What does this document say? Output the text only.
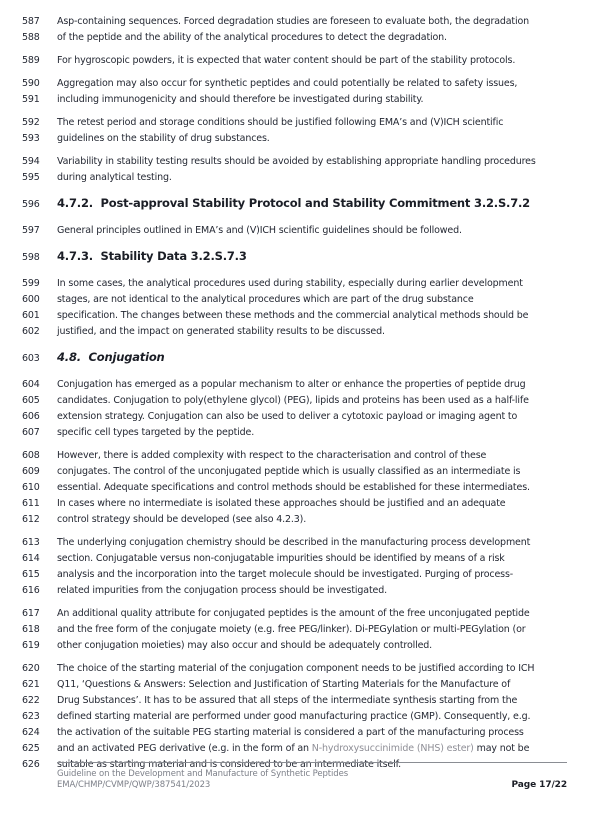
587	Asp-containing sequences. Forced degradation studies are foreseen to evaluate both, the degradation
588	of the peptide and the ability of the analytical procedures to detect the degradation.
589	For hygroscopic powders, it is expected that water content should be part of the stability protocols.
590	Aggregation may also occur for synthetic peptides and could potentially be related to safety issues,
591	including immunogenicity and should therefore be investigated during stability.
592	The retest period and storage conditions should be justified following EMA’s and (V)ICH scientific
593	guidelines on the stability of drug substances.
594	Variability in stability testing results should be avoided by establishing appropriate handling procedures
595	during analytical testing.
596	4.7.2.  Post-approval Stability Protocol and Stability Commitment 3.2.S.7.2
597	General principles outlined in EMA’s and (V)ICH scientific guidelines should be followed.
598	4.7.3.  Stability Data 3.2.S.7.3
599	In some cases, the analytical procedures used during stability, especially during earlier development
600	stages, are not identical to the analytical procedures which are part of the drug substance
601	specification. The changes between these methods and the commercial analytical methods should be
602	justified, and the impact on generated stability results to be discussed.
603	4.8.  Conjugation
604	Conjugation has emerged as a popular mechanism to alter or enhance the properties of peptide drug
605	candidates. Conjugation to poly(ethylene glycol) (PEG), lipids and proteins has been used as a half-life
606	extension strategy. Conjugation can also be used to deliver a cytotoxic payload or imaging agent to
607	specific cell types targeted by the peptide.
608	However, there is added complexity with respect to the characterisation and control of these
609	conjugates. The control of the unconjugated peptide which is usually classified as an intermediate is
610	essential. Adequate specifications and control methods should be established for these intermediates.
611	In cases where no intermediate is isolated these approaches should be justified and an adequate
612	control strategy should be developed (see also 4.2.3).
613	The underlying conjugation chemistry should be described in the manufacturing process development
614	section. Conjugatable versus non-conjugatable impurities should be identified by means of a risk
615	analysis and the incorporation into the target molecule should be investigated. Purging of process-
616	related impurities from the conjugation process should be investigated.
617	An additional quality attribute for conjugated peptides is the amount of the free unconjugated peptide
618	and the free form of the conjugate moiety (e.g. free PEG/linker). Di-PEGylation or multi-PEGylation (or
619	other conjugation moieties) may also occur and should be adequately controlled.
620	The choice of the starting material of the conjugation component needs to be justified according to ICH
621	Q11, ‘Questions & Answers: Selection and Justification of Starting Materials for the Manufacture of
622	Drug Substances’. It has to be assured that all steps of the intermediate synthesis starting from the
623	defined starting material are performed under good manufacturing practice (GMP). Consequently, e.g.
624	the activation of the suitable PEG starting material is considered a part of the manufacturing process
625	and an activated PEG derivative (e.g. in the form of an N-hydroxysuccinimide (NHS) ester) may not be
626	suitable as starting material and is considered to be an intermediate itself.
Guideline on the Development and Manufacture of Synthetic Peptides
EMA/CHMP/CVMP/QWP/387541/2023	Page 17/22
